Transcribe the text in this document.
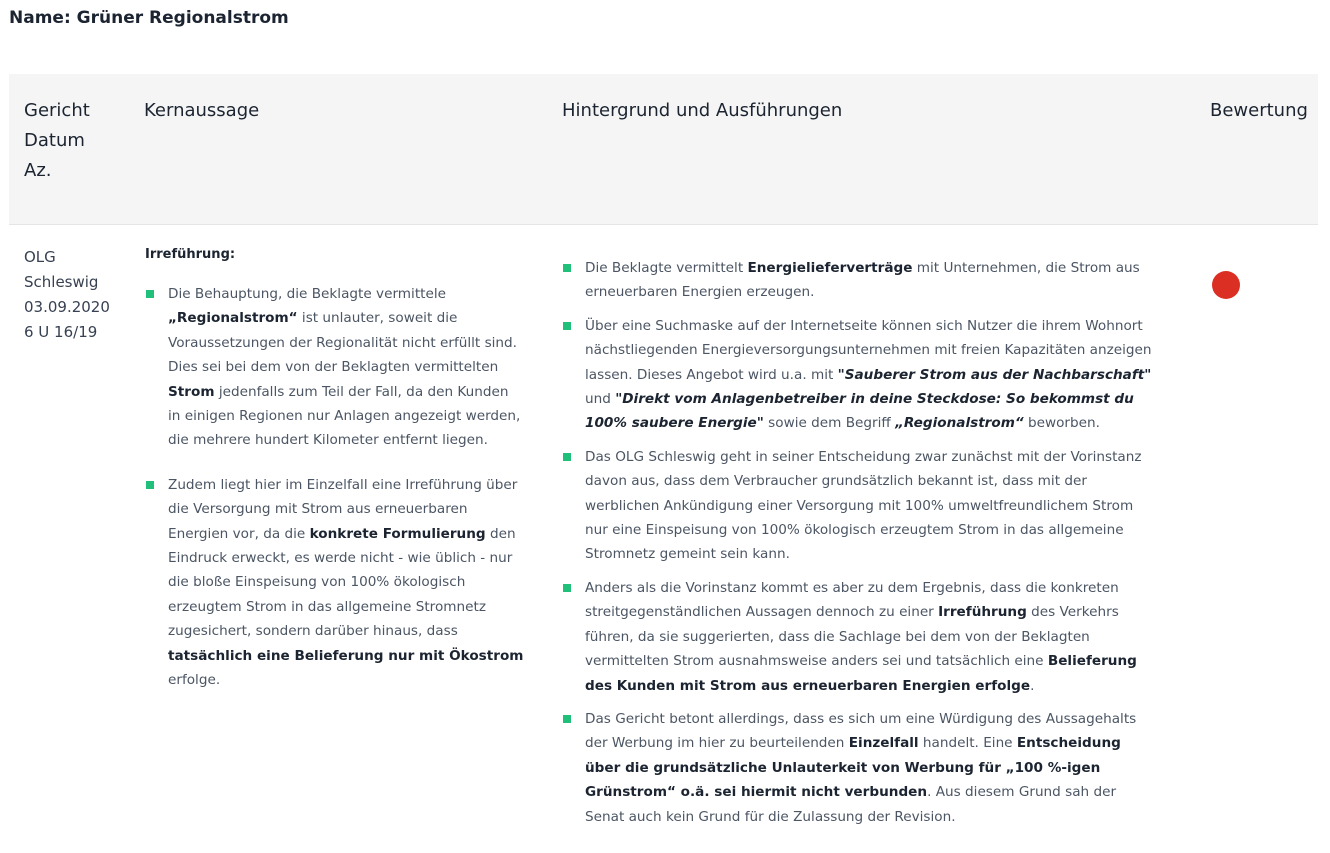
Name: Grüner Regionalstrom
Gericht
Datum
Az.
Kernaussage	Hintergrund und Ausführungen	Bewertung
OLG
Schleswig
03.09.2020
6 U 16/19
Irreführung:
Die Behauptung, die Beklagte vermittele „Regionalstrom“ ist unlauter, soweit die Voraussetzungen der Regionalität nicht erfüllt sind. Dies sei bei dem von der Beklagten vermittelten Strom jedenfalls zum Teil der Fall, da den Kunden in einigen Regionen nur Anlagen angezeigt werden, die mehrere hundert Kilometer entfernt liegen.
Zudem liegt hier im Einzelfall eine Irreführung über die Versorgung mit Strom aus erneuerbaren Energien vor, da die konkrete Formulierung den Eindruck erweckt, es werde nicht - wie üblich - nur die bloße Einspeisung von 100% ökologisch erzeugtem Strom in das allgemeine Stromnetz zugesichert, sondern darüber hinaus, dass tatsächlich eine Belieferung nur mit Ökostrom erfolge.
Die Beklagte vermittelt Energielieferverträge mit Unternehmen, die Strom aus erneuerbaren Energien erzeugen.
Über eine Suchmaske auf der Internetseite können sich Nutzer die ihrem Wohnort nächstliegenden Energieversorgungsunternehmen mit freien Kapazitäten anzeigen lassen. Dieses Angebot wird u.a. mit "Sauberer Strom aus der Nachbarschaft" und "Direkt vom Anlagenbetreiber in deine Steckdose: So bekommst du 100% saubere Energie" sowie dem Begriff „Regionalstrom“ beworben.
Das OLG Schleswig geht in seiner Entscheidung zwar zunächst mit der Vorinstanz davon aus, dass dem Verbraucher grundsätzlich bekannt ist, dass mit der werblichen Ankündigung einer Versorgung mit 100% umweltfreundlichem Strom nur eine Einspeisung von 100% ökologisch erzeugtem Strom in das allgemeine Stromnetz gemeint sein kann.
Anders als die Vorinstanz kommt es aber zu dem Ergebnis, dass die konkreten streitgegenständlichen Aussagen dennoch zu einer Irreführung des Verkehrs führen, da sie suggerierten, dass die Sachlage bei dem von der Beklagten vermittelten Strom ausnahmsweise anders sei und tatsächlich eine Belieferung des Kunden mit Strom aus erneuerbaren Energien erfolge.
Das Gericht betont allerdings, dass es sich um eine Würdigung des Aussagehalts der Werbung im hier zu beurteilenden Einzelfall handelt. Eine Entscheidung über die grundsätzliche Unlauterkeit von Werbung für „100 %-igen Grünstrom“ o.ä. sei hiermit nicht verbunden. Aus diesem Grund sah der Senat auch kein Grund für die Zulassung der Revision.
